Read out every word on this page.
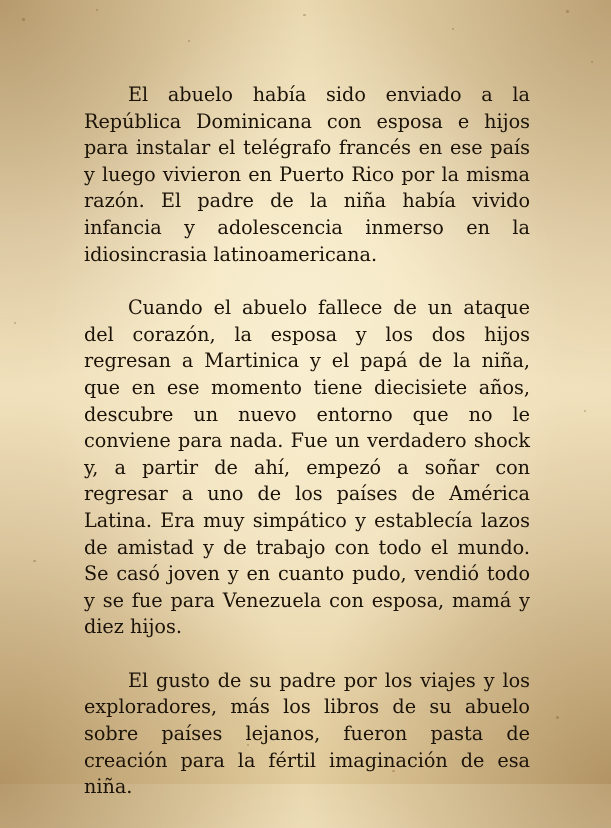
El abuelo había sido enviado a la República Dominicana con esposa e hijos para instalar el telégrafo francés en ese país y luego vivieron en Puerto Rico por la misma razón. El padre de la niña había vivido infancia y adolescencia inmerso en la idiosincrasia latinoamericana.

Cuando el abuelo fallece de un ataque del corazón, la esposa y los dos hijos regresan a Martinica y el papá de la niña, que en ese momento tiene diecisiete años, descubre un nuevo entorno que no le conviene para nada. Fue un verdadero shock y, a partir de ahí, empezó a soñar con regresar a uno de los países de América Latina. Era muy simpático y establecía lazos de amistad y de trabajo con todo el mundo. Se casó joven y en cuanto pudo, vendió todo y se fue para Venezuela con esposa, mamá y diez hijos.

El gusto de su padre por los viajes y los exploradores, más los libros de su abuelo sobre países lejanos, fueron pasta de creación para la fértil imaginación de esa niña.
